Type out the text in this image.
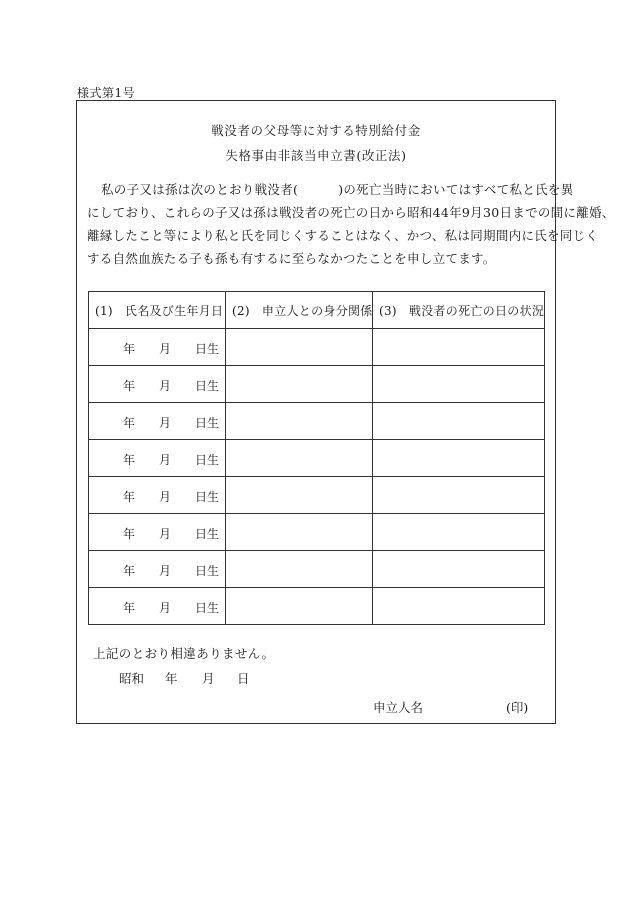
様式第1号
戦没者の父母等に対する特別給付金
失格事由非該当申立書(改正法)

私の子又は孫は次のとおり戦没者(	)の死亡当時においてはすべて私と氏を異
にしており、これらの子又は孫は戦没者の死亡の日から昭和44年9月30日までの間に離婚、
離縁したこと等により私と氏を同じくすることはなく、かつ、私は同期間内に氏を同じく
する自然血族たる子も孫も有するに至らなかつたことを申し立てます。

(1) 氏名及び生年月日	(2) 申立人との身分関係	(3) 戦没者の死亡の日の状況

年 月 日生		

年 月 日生		

年 月 日生		

年 月 日生		

年 月 日生		

年 月 日生		

年 月 日生		

年 月 日生		

上記のとおり相違ありません。
昭和 年 月 日
申立人名	(印)
